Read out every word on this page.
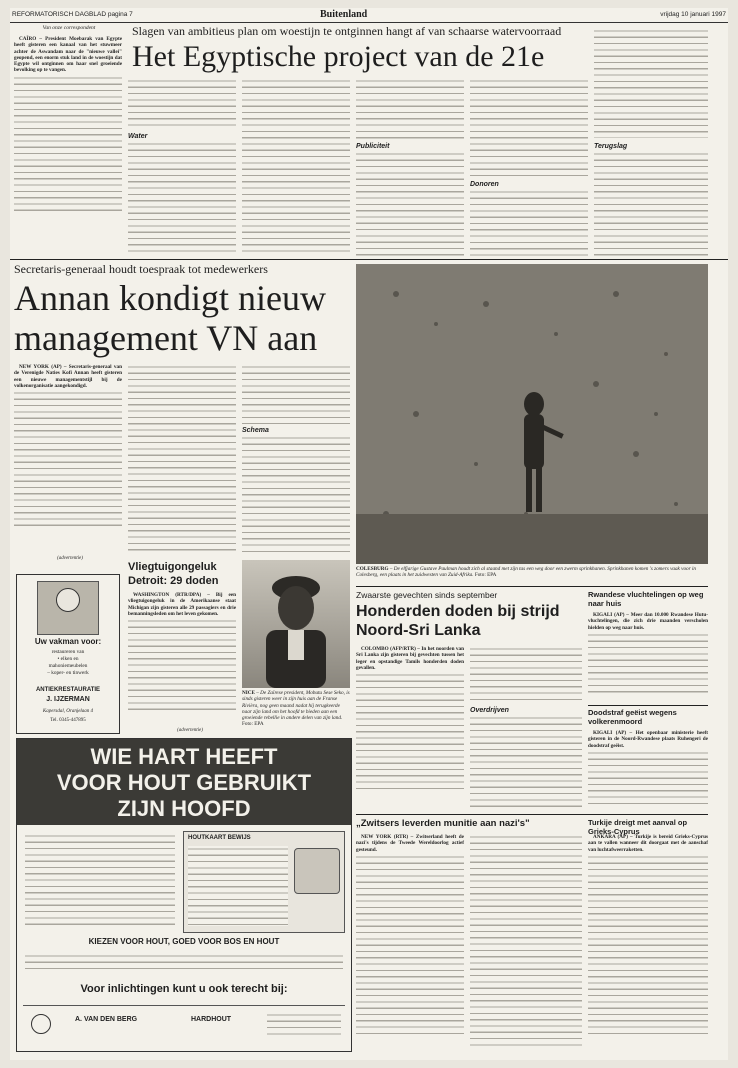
REFORMATORISCH DAGBLAD pagina 7	Buitenland	vrijdag 10 januari 1997
Van onze correspondent	Slagen van ambitieus plan om woestijn te ontginnen hangt af van schaarse watervoorraad
Het Egyptische project van de 21e

CAÏRO – President Moebarak van Egypte heeft gisteren een kanaal van het stuwmeer achter de Aswandam naar de "nieuwe vallei" geopend, een enorm stuk land in de woestijn dat Egypte wil ontginnen om haar snel groeiende bevolking op te vangen.

Water
Publiciteit
Donoren
Terugslag
Secretaris-generaal houdt toespraak tot medewerkers
Annan kondigt nieuw
management VN aan

NEW YORK (AP) – Secretaris-generaal van de Verenigde Naties Kofi Annan heeft gisteren een nieuwe managementstijl bij de volkenorganisatie aangekondigd.

Schema
(advertentie)
COLESBURG – De elfjarige Gustave Paulman houdt zich al staand met zijn tas een weg door een zwerm sprinkhanen. Sprinkhanen komen 's zomers vaak voor in Colesberg, een plaats in het zuidwesten van Zuid-Afrika. Foto: EPA
Uw vakman voor:
restaureren van
• elken en
mahoniemeubelen
– koper- en tinwerk
ANTIEKRESTAURATIE
J. IJZERMAN
Kapersdal, Oranjelaan 4
Tel. 0345-447895
Vliegtuigongeluk Detroit: 29 doden

WASHINGTON (RTR/DPA) – Bij een vliegtuigongeluk in de Amerikaanse staat Michigan zijn gisteren alle 29 passagiers en drie bemanningsleden om het leven gekomen.

(advertentie)
NICE – De Zaïrese president, Mobutu Sese Seko, is sinds gisteren weer in zijn huis aan de Franse Rivièra, nog geen maand nadat hij terugkeerde naar zijn land om het hoofd te bieden aan een groeiende rebellie in andere delen van zijn land. Foto: EPA
Zwaarste gevechten sinds september
Honderden doden bij strijd Noord-Sri Lanka

COLOMBO (AFP/RTR) – In het noorden van Sri Lanka zijn gisteren bij gevechten tussen het leger en opstandige Tamils honderden doden gevallen.

Overdrijven
Rwandese vluchtelingen op weg naar huis

KIGALI (AP) – Meer dan 10.000 Rwandese Hutu-vluchtelingen, die zich drie maanden verscholen hielden op weg naar huis.

Doodstraf geëist wegens volkerenmoord

KIGALI (AP) – Het openbaar ministerie heeft gisteren in de Noord-Rwandese plaats Ruhengeri de doodstraf geëist.

WIE HART HEEFT
VOOR HOUT GEBRUIKT
ZIJN HOOFD
HOUTKAART BEWIJS
KIEZEN VOOR HOUT, GOED VOOR BOS EN HOUT
Voor inlichtingen kunt u ook terecht bij:
A. VAN DEN BERG	HARDHOUT
„Zwitsers leverden munitie aan nazi's"

NEW YORK (RTR) – Zwitserland heeft de nazi's tijdens de Tweede Wereldoorlog actief gesteund.

Turkije dreigt met aanval op Grieks-Cyprus

ANKARA (AP) – Turkije is bereid Grieks-Cyprus aan te vallen wanneer dit doorgaat met de aanschaf van luchtafweerraketten.
